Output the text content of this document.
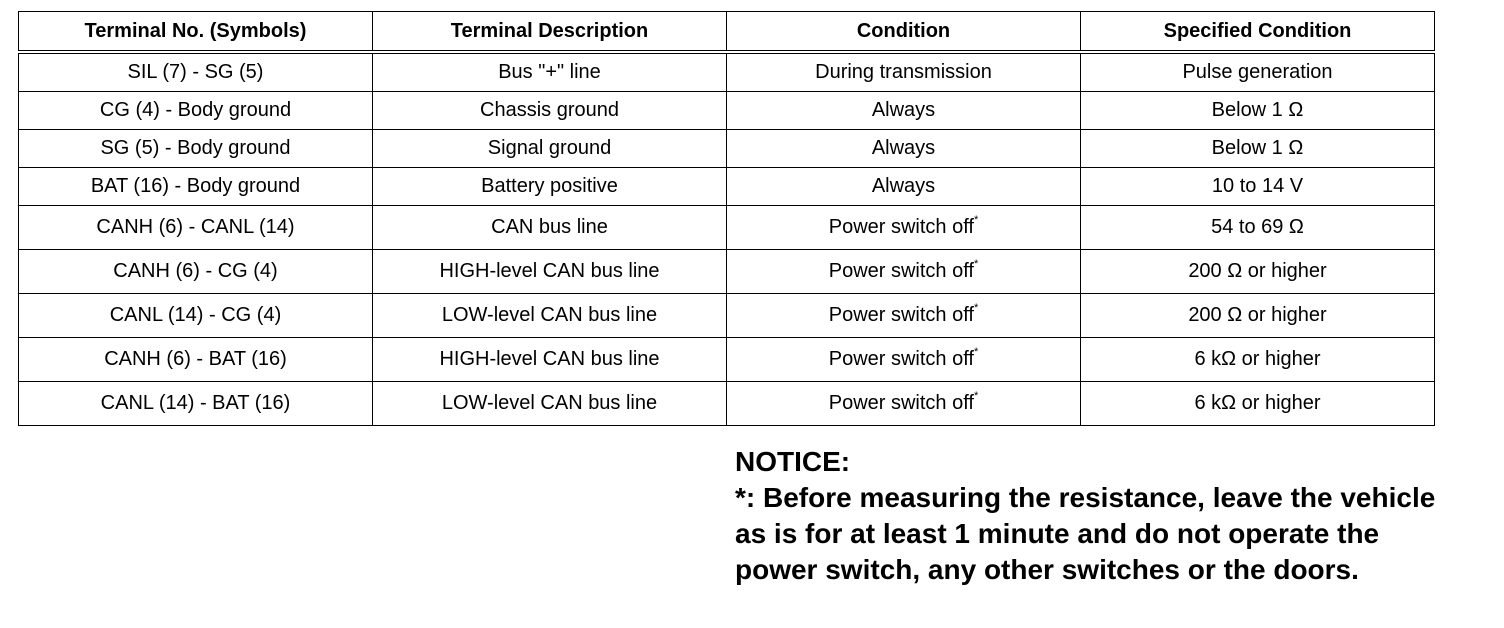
Terminal No. (Symbols)	Terminal Description	Condition	Specified Condition
SIL (7) - SG (5)	Bus "+" line	During transmission	Pulse generation
CG (4) - Body ground	Chassis ground	Always	Below 1 Ω
SG (5) - Body ground	Signal ground	Always	Below 1 Ω
BAT (16) - Body ground	Battery positive	Always	10 to 14 V
CANH (6) - CANL (14)	CAN bus line	Power switch off*	54 to 69 Ω
CANH (6) - CG (4)	HIGH-level CAN bus line	Power switch off*	200 Ω or higher
CANL (14) - CG (4)	LOW-level CAN bus line	Power switch off*	200 Ω or higher
CANH (6) - BAT (16)	HIGH-level CAN bus line	Power switch off*	6 kΩ or higher
CANL (14) - BAT (16)	LOW-level CAN bus line	Power switch off*	6 kΩ or higher
NOTICE:
*: Before measuring the resistance, leave the vehicle as is for at least 1 minute and do not operate the power switch, any other switches or the doors.
